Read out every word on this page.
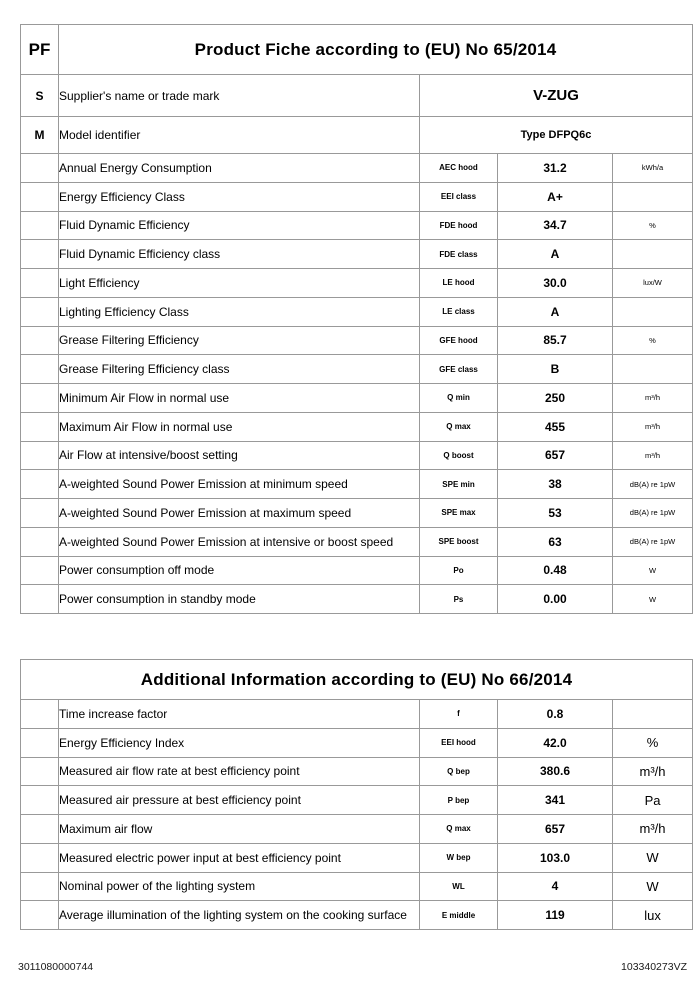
PF	Product Fiche according to (EU) No 65/2014			
S	Supplier's name or trade mark	V-ZUG		
M	Model identifier	Type DFPQ6c		
	Annual Energy Consumption	AEC hood	31.2	kWh/a
	Energy Efficiency Class	EEI class	A+	
	Fluid Dynamic Efficiency	FDE hood	34.7	%
	Fluid Dynamic Efficiency class	FDE class	A	
	Light Efficiency	LE hood	30.0	lux/W
	Lighting Efficiency Class	LE class	A	
	Grease Filtering Efficiency	GFE hood	85.7	%
	Grease Filtering Efficiency class	GFE class	B	
	Minimum Air Flow in normal use	Q min	250	m³/h
	Maximum Air Flow in normal use	Q max	455	m³/h
	Air Flow at intensive/boost setting	Q boost	657	m³/h
	A-weighted Sound Power Emission at minimum speed	SPE min	38	dB(A) re 1pW
	A-weighted Sound Power Emission at maximum speed	SPE max	53	dB(A) re 1pW
	A-weighted Sound Power Emission at intensive or boost speed	SPE boost	63	dB(A) re 1pW
	Power consumption off mode	Po	0.48	W
	Power consumption in standby mode	Ps	0.00	W
Additional Information according to (EU) No 66/2014				
	Time increase factor	f	0.8	
	Energy Efficiency Index	EEI hood	42.0	%
	Measured air flow rate at best efficiency point	Q bep	380.6	m³/h
	Measured air pressure at best efficiency point	P bep	341	Pa
	Maximum air flow	Q max	657	m³/h
	Measured electric power input at best efficiency point	W bep	103.0	W
	Nominal power of the lighting system	WL	4	W
	Average illumination of the lighting system on the cooking surface	E middle	119	lux
3011080000744	103340273VZ
